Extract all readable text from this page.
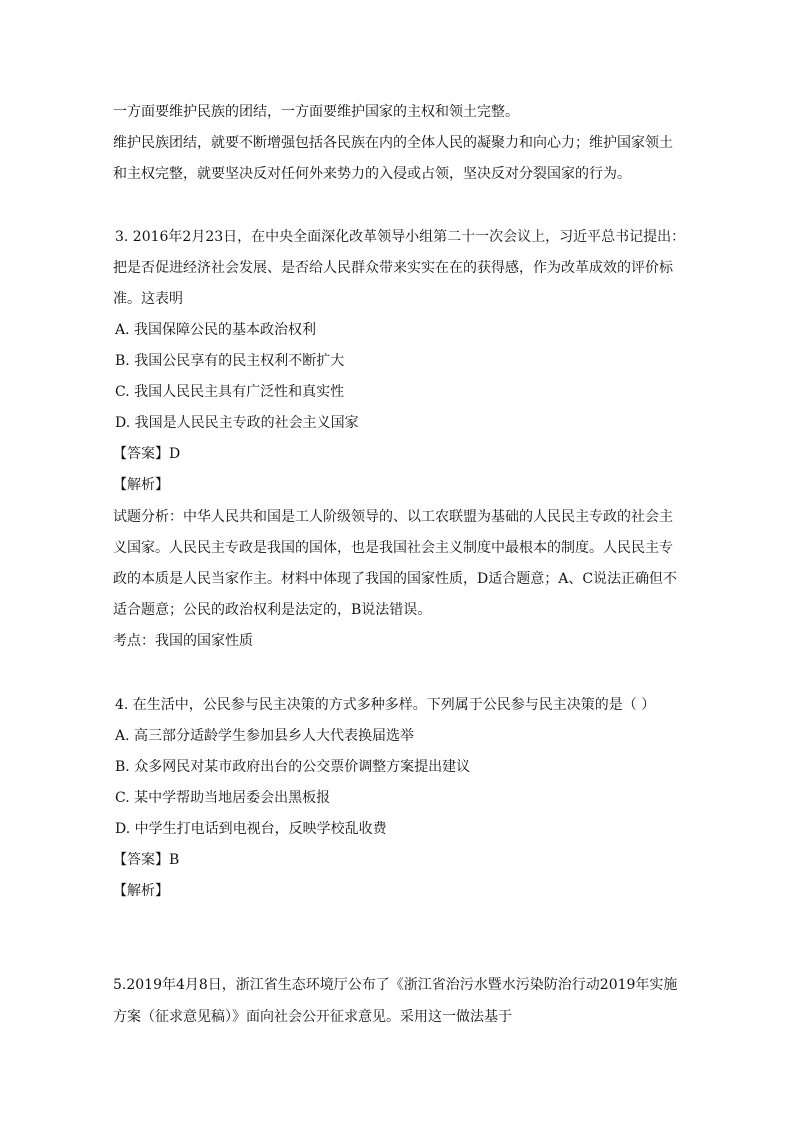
一方面要维护民族的团结，一方面要维护国家的主权和领土完整。
维护民族团结，就要不断增强包括各民族在内的全体人民的凝聚力和向心力；维护国家领土
和主权完整，就要坚决反对任何外来势力的入侵或占领，坚决反对分裂国家的行为。
3. 2016年2月23日，在中央全面深化改革领导小组第二十一次会议上，习近平总书记提出：
把是否促进经济社会发展、是否给人民群众带来实实在在的获得感，作为改革成效的评价标
准。这表明
A. 我国保障公民的基本政治权利
B. 我国公民享有的民主权利不断扩大
C. 我国人民民主具有广泛性和真实性
D. 我国是人民民主专政的社会主义国家
【答案】D
【解析】
试题分析：中华人民共和国是工人阶级领导的、以工农联盟为基础的人民民主专政的社会主
义国家。人民民主专政是我国的国体，也是我国社会主义制度中最根本的制度。人民民主专
政的本质是人民当家作主。材料中体现了我国的国家性质，D适合题意；A、C说法正确但不
适合题意；公民的政治权利是法定的，B说法错误。
考点：我国的国家性质
4. 在生活中，公民参与民主决策的方式多种多样。下列属于公民参与民主决策的是（ ）
A. 高三部分适龄学生参加县乡人大代表换届选举
B. 众多网民对某市政府出台的公交票价调整方案提出建议
C. 某中学帮助当地居委会出黑板报
D. 中学生打电话到电视台，反映学校乱收费
【答案】B
【解析】
5.2019年4月8日，浙江省生态环境厅公布了《浙江省治污水暨水污染防治行动2019年实施
方案（征求意见稿）》面向社会公开征求意见。采用这一做法基于
